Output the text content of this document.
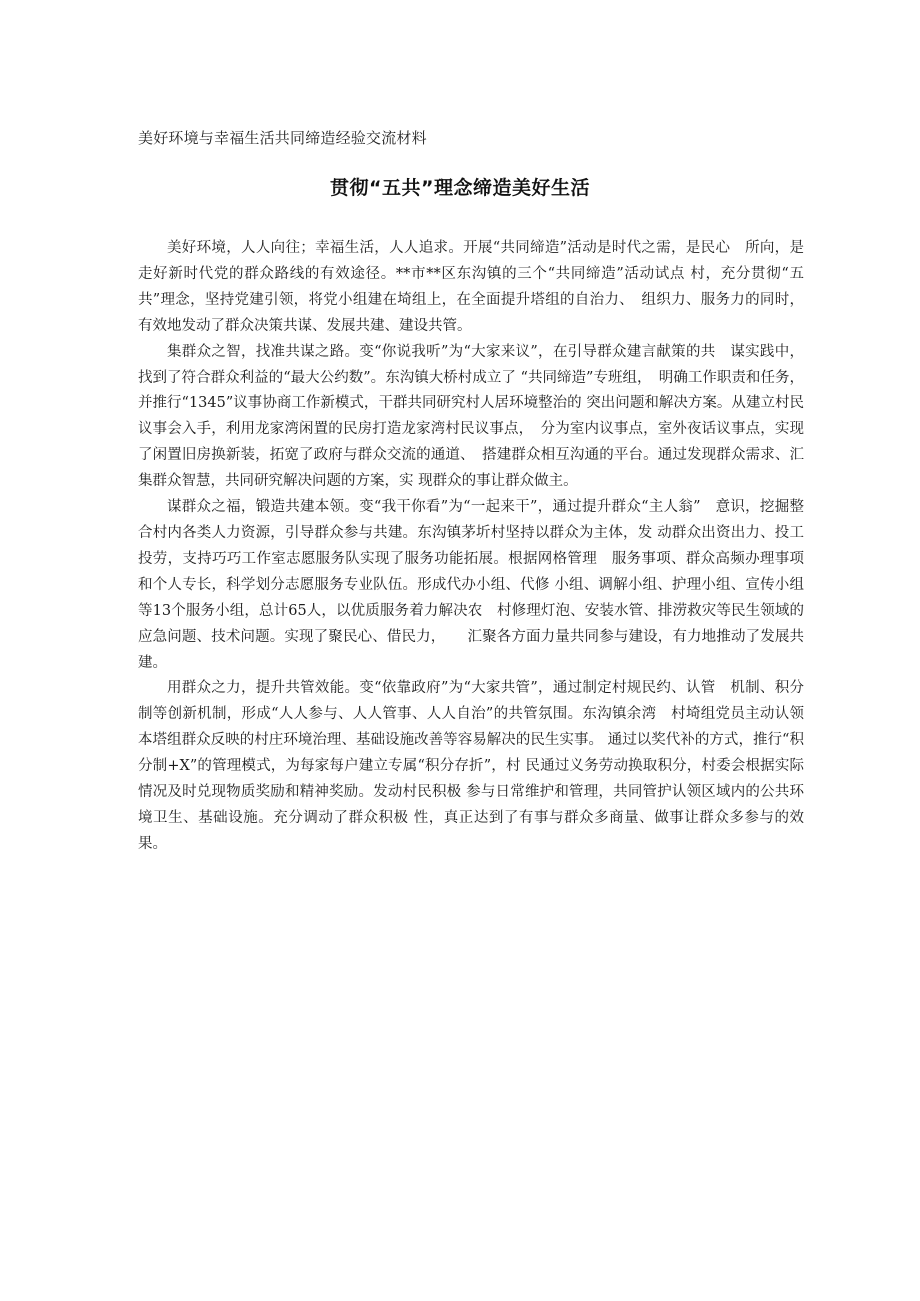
美好环境与幸福生活共同缔造经验交流材料
贯彻“五共”理念缔造美好生活

美好环境，人人向往；幸福生活，人人追求。开展“共同缔造”活动是时代之需，是民心　所向，是走好新时代党的群众路线的有效途径。**市**区东沟镇的三个“共同缔造”活动试点 村，充分贯彻“五共”理念，坚持党建引领，将党小组建在埼组上，在全面提升塔组的自治力、　组织力、服务力的同时，有效地发动了群众决策共谋、发展共建、建设共管。

集群众之智，找准共谋之路。变“你说我听”为“大家来议”，在引导群众建言献策的共　谋实践中，找到了符合群众利益的“最大公约数”。东沟镇大桥村成立了 “共同缔造”专班组，　明确工作职责和任务，并推行“1345”议事协商工作新模式，干群共同研究村人居环境整治的 突出问题和解决方案。从建立村民议事会入手，利用龙家湾闲置的民房打造龙家湾村民议事点，　分为室内议事点，室外夜话议事点，实现了闲置旧房换新装，拓宽了政府与群众交流的通道、　搭建群众相互沟通的平台。通过发现群众需求、汇集群众智慧，共同研究解决问题的方案，实 现群众的事让群众做主。

谋群众之福，锻造共建本领。变“我干你看”为“一起来干”，通过提升群众“主人翁”　意识，挖掘整合村内各类人力资源，引导群众参与共建。东沟镇茅圻村坚持以群众为主体，发 动群众出资出力、投工投劳，支持巧巧工作室志愿服务队实现了服务功能拓展。根据网格管理　服务事项、群众高频办理事项和个人专长，科学划分志愿服务专业队伍。形成代办小组、代修 小组、调解小组、护理小组、宣传小组等13个服务小组，总计65人，以优质服务着力解决农　村修理灯泡、安装水管、排涝救灾等民生领域的应急问题、技术问题。实现了聚民心、借民力，　　汇聚各方面力量共同参与建设，有力地推动了发展共建。

用群众之力，提升共管效能。变“依靠政府”为“大家共管”，通过制定村规民约、认管　机制、积分制等创新机制，形成“人人参与、人人管事、人人自治”的共管氛围。东沟镇余湾　村埼组党员主动认领本塔组群众反映的村庄环境治理、基础设施改善等容易解决的民生实事。 通过以奖代补的方式，推行“积分制+X”的管理模式，为每家每户建立专属“积分存折”，村 民通过义务劳动换取积分，村委会根据实际情况及时兑现物质奖励和精神奖励。发动村民积极 参与日常维护和管理，共同管护认领区域内的公共环境卫生、基础设施。充分调动了群众积极 性，真正达到了有事与群众多商量、做事让群众多参与的效果。
